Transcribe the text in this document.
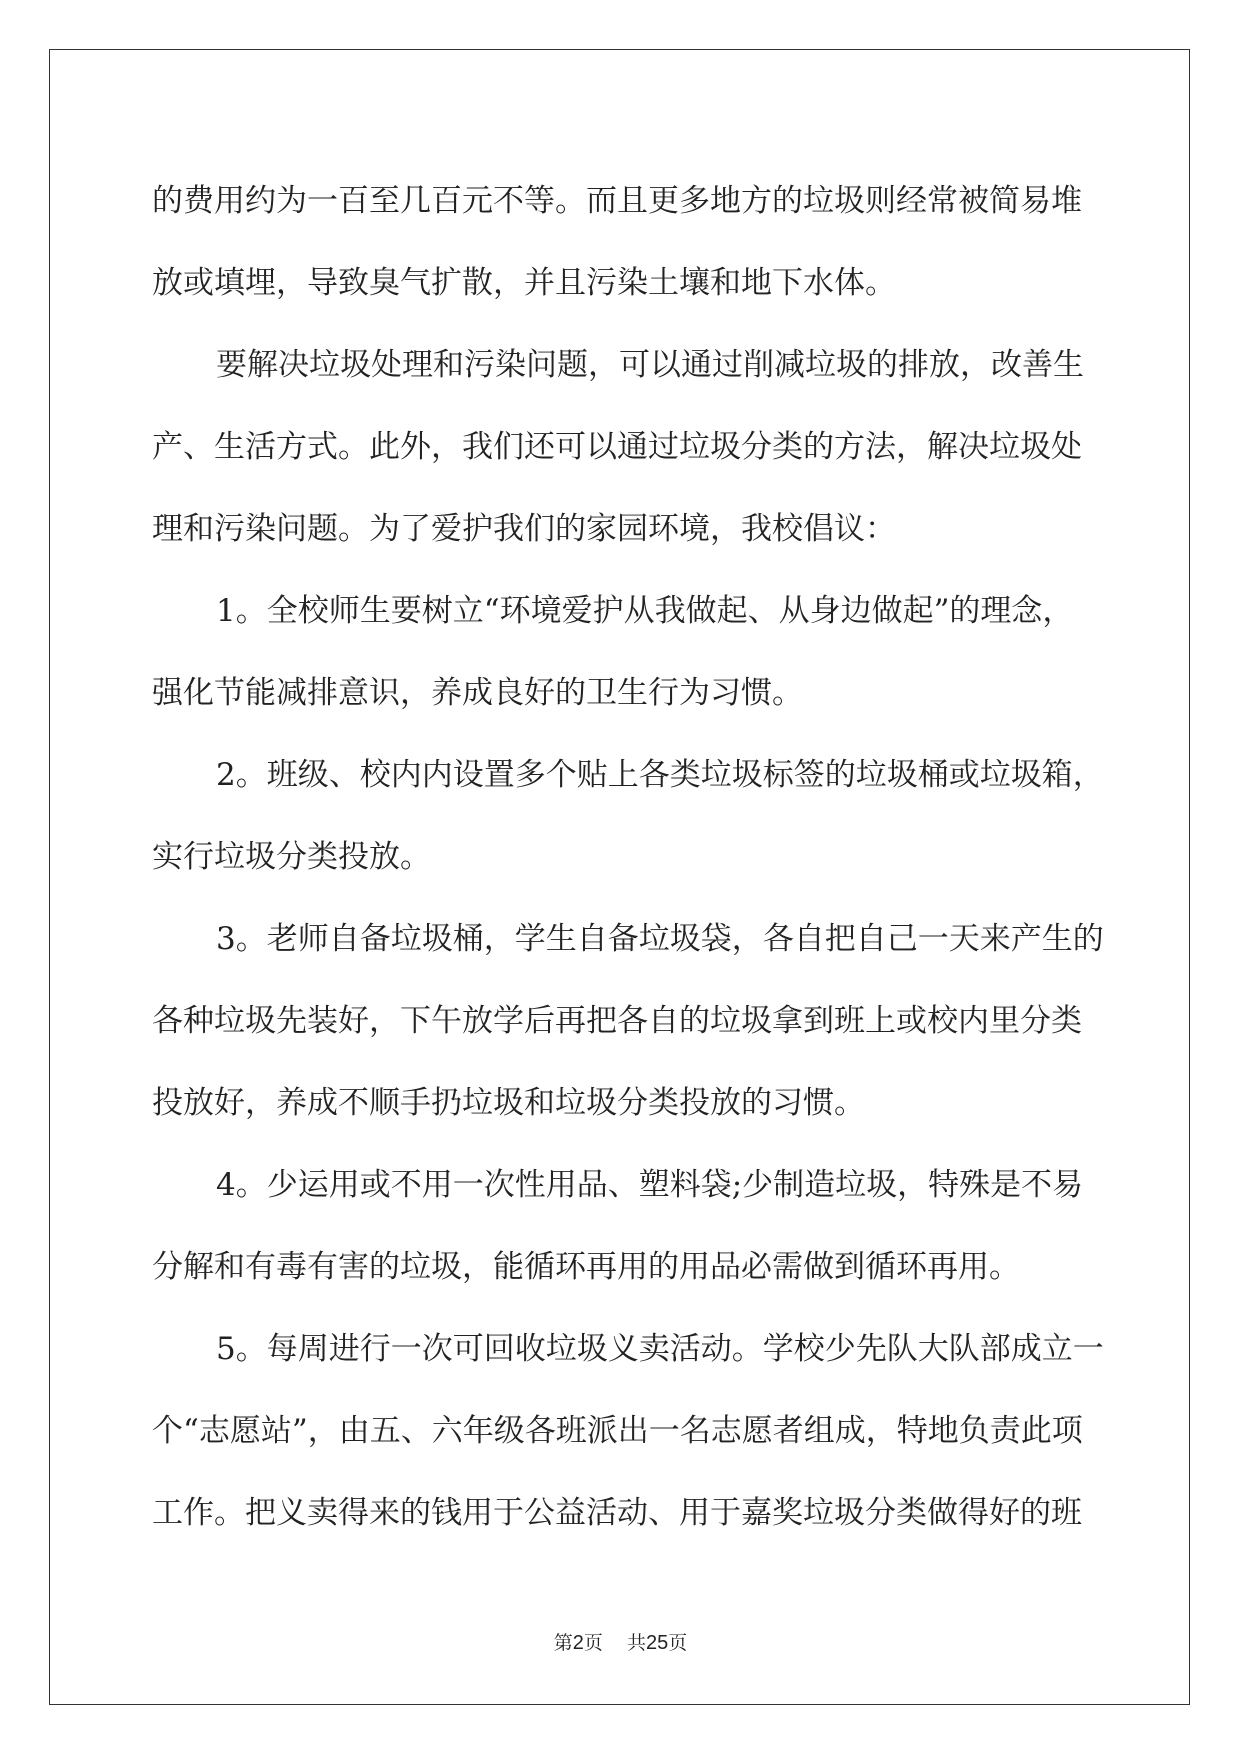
的费用约为一百至几百元不等。而且更多地方的垃圾则经常被简易堆
放或填埋，导致臭气扩散，并且污染土壤和地下水体。
要解决垃圾处理和污染问题，可以通过削减垃圾的排放，改善生
产、生活方式。此外，我们还可以通过垃圾分类的方法，解决垃圾处
理和污染问题。为了爱护我们的家园环境，我校倡议：
1。全校师生要树立“环境爱护从我做起、从身边做起”的理念，
强化节能减排意识，养成良好的卫生行为习惯。
2。班级、校内内设置多个贴上各类垃圾标签的垃圾桶或垃圾箱，
实行垃圾分类投放。
3。老师自备垃圾桶，学生自备垃圾袋，各自把自己一天来产生的
各种垃圾先装好，下午放学后再把各自的垃圾拿到班上或校内里分类
投放好，养成不顺手扔垃圾和垃圾分类投放的习惯。
4。少运用或不用一次性用品、塑料袋;少制造垃圾，特殊是不易
分解和有毒有害的垃圾，能循环再用的用品必需做到循环再用。
5。每周进行一次可回收垃圾义卖活动。学校少先队大队部成立一
个“志愿站”，由五、六年级各班派出一名志愿者组成，特地负责此项
工作。把义卖得来的钱用于公益活动、用于嘉奖垃圾分类做得好的班
第2页 共25页
